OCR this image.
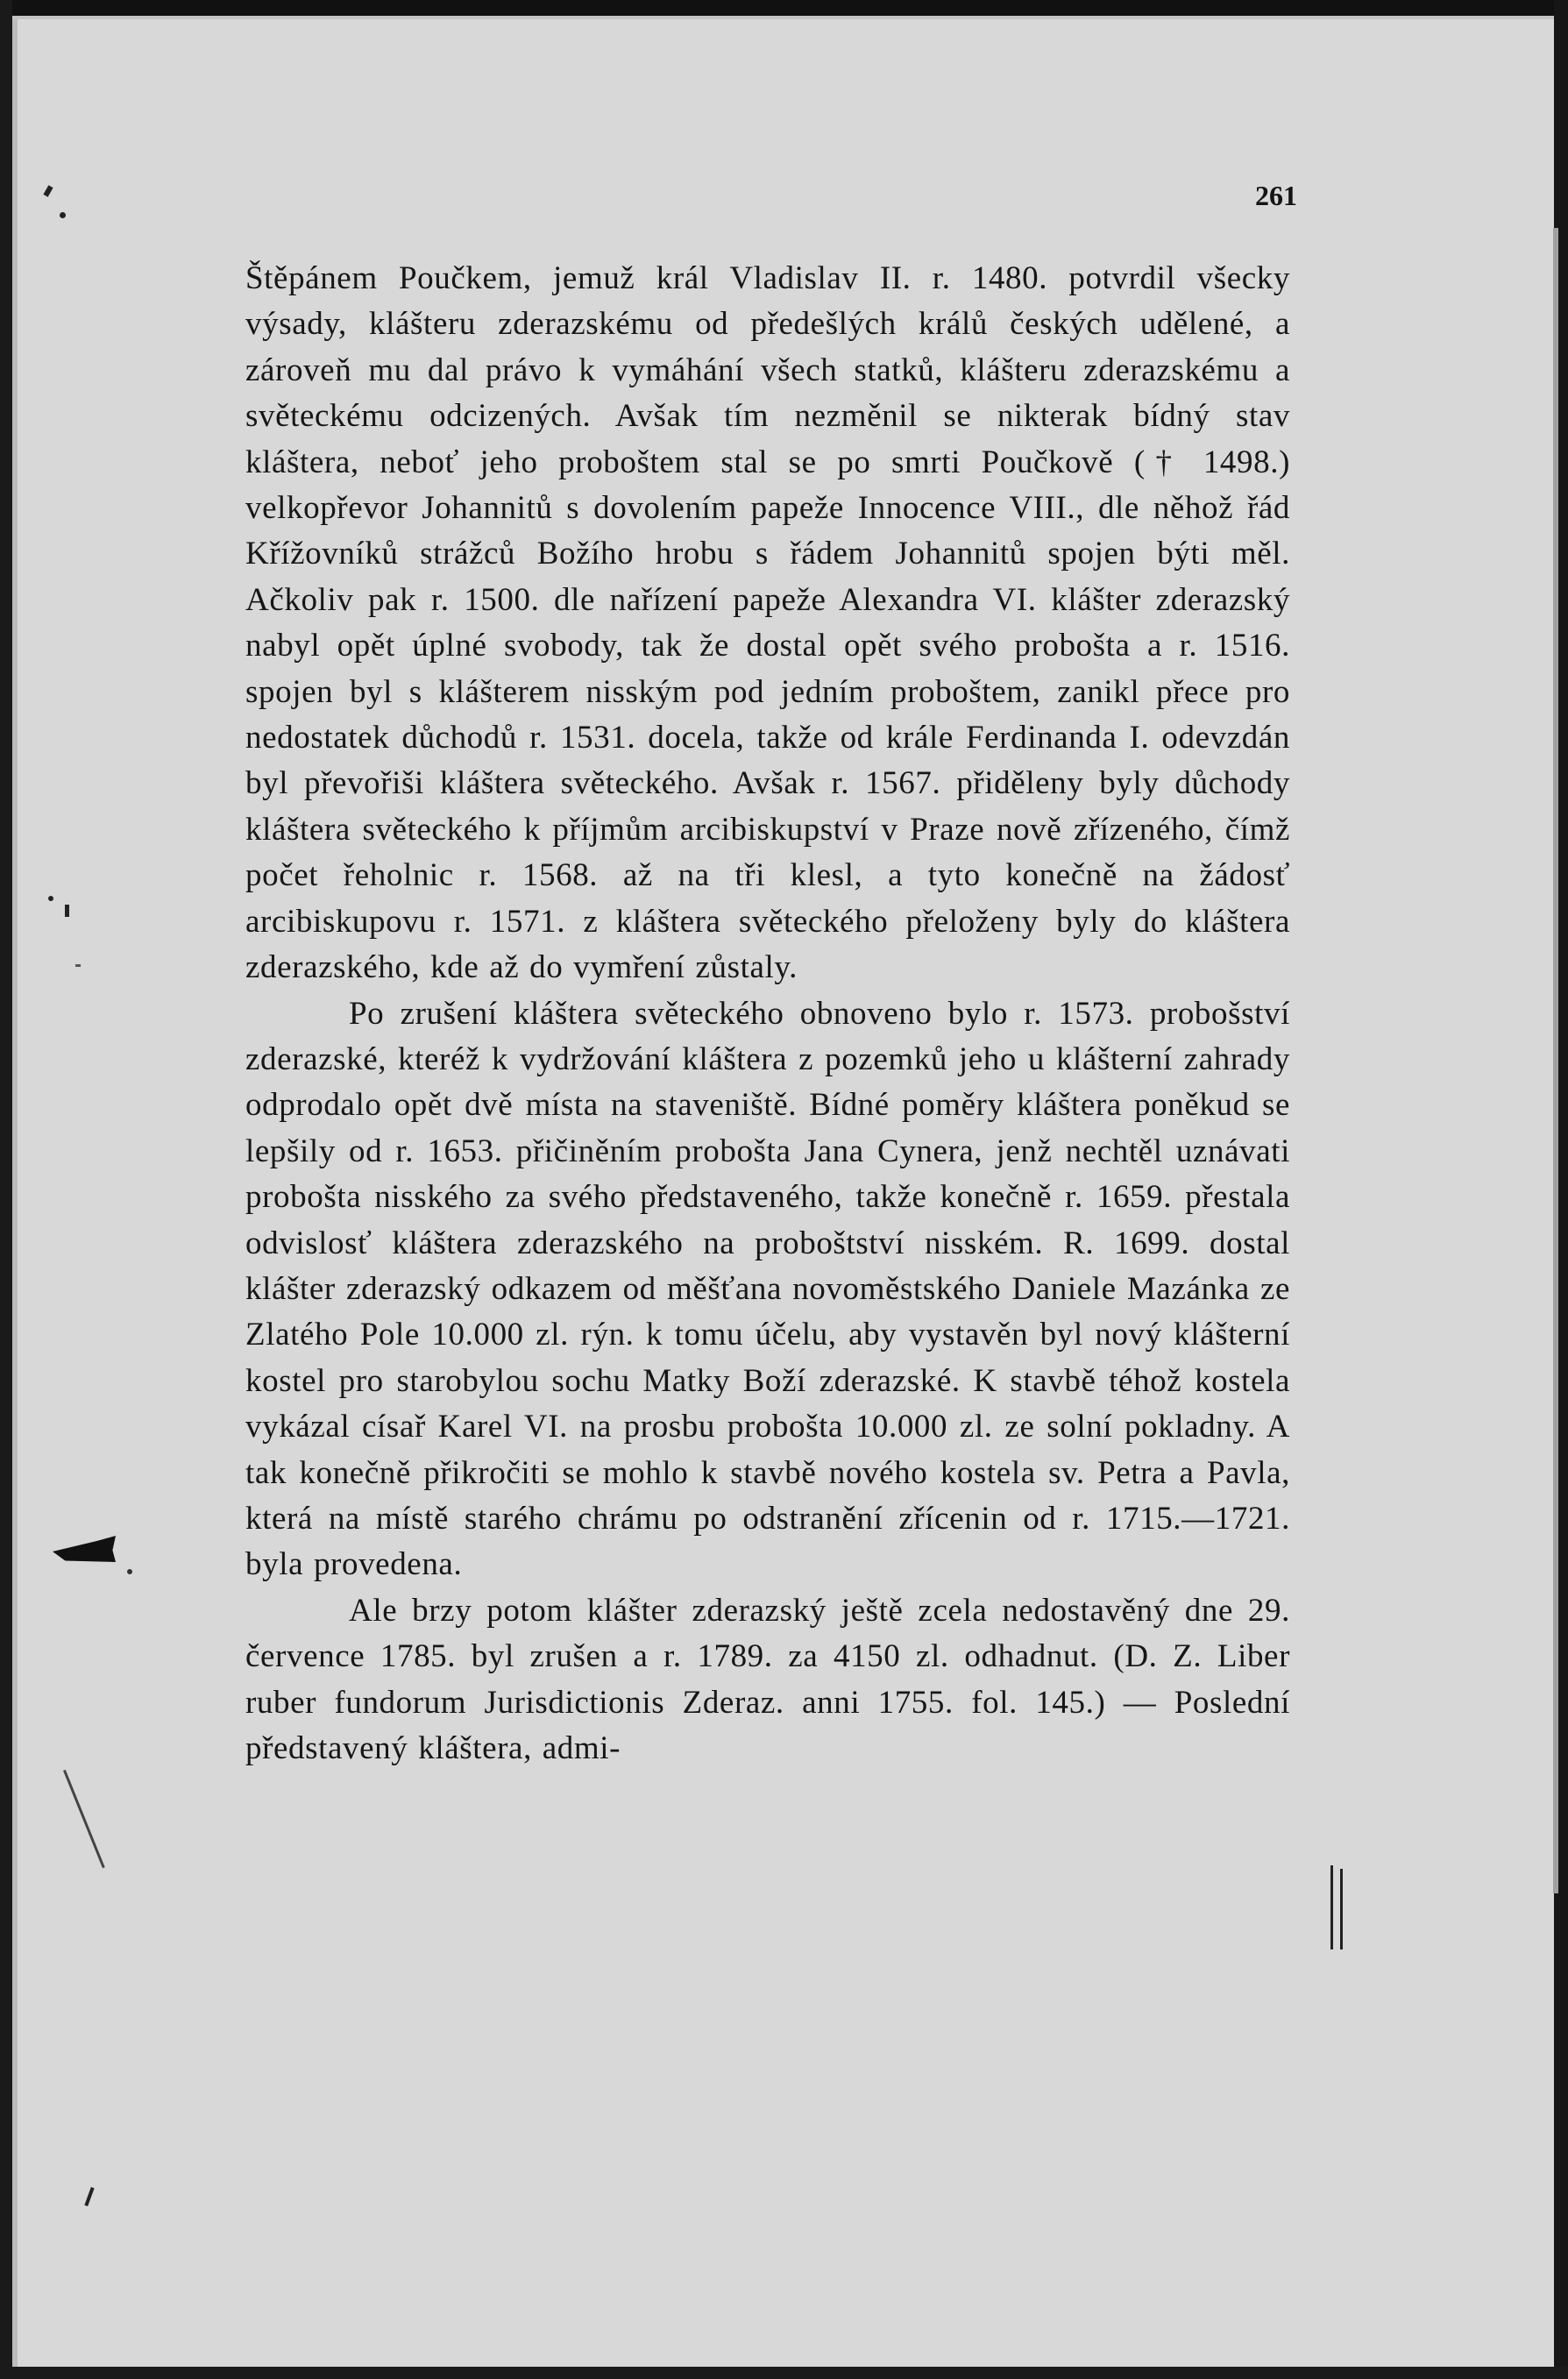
261

Štěpánem Poučkem, jemuž král Vladislav II. r. 1480. potvrdil všecky výsady, klášteru zderazskému od předešlých králů českých udělené, a zároveň mu dal právo k vymáhání všech statků, klášteru zderazskému a světeckému odcizených. Avšak tím nezměnil se nikterak bídný stav kláštera, neboť jeho proboštem stal se po smrti Poučkově († 1498.) velkopřevor Johannitů s dovolením papeže Innocence VIII., dle něhož řád Křížovníků strážců Božího hrobu s řádem Johannitů spojen býti měl. Ačkoliv pak r. 1500. dle nařízení papeže Alexandra VI. klášter zderazský nabyl opět úplné svobody, tak že dostal opět svého probošta a r. 1516. spojen byl s klášterem nisským pod jedním proboštem, zanikl přece pro nedostatek důchodů r. 1531. docela, takže od krále Ferdinanda I. odevzdán byl převořiši kláštera světeckého. Avšak r. 1567. přiděleny byly důchody kláštera světeckého k příjmům arcibiskupství v Praze nově zřízeného, čímž počet řeholnic r. 1568. až na tři klesl, a tyto konečně na žádosť arcibiskupovu r. 1571. z kláštera světeckého přeloženy byly do kláštera zderazského, kde až do vymření zůstaly.

Po zrušení kláštera světeckého obnoveno bylo r. 1573. probošství zderazské, kteréž k vydržování kláštera z pozemků jeho u klášterní zahrady odprodalo opět dvě místa na staveniště. Bídné poměry kláštera poněkud se lepšily od r. 1653. přičiněním probošta Jana Cynera, jenž nechtěl uznávati probošta nisského za svého představeného, takže konečně r. 1659. přestala odvislosť kláštera zderazského na proboštství nisském. R. 1699. dostal klášter zderazský odkazem od měšťana novoměstského Daniele Mazánka ze Zlatého Pole 10.000 zl. rýn. k tomu účelu, aby vystavěn byl nový klášterní kostel pro starobylou sochu Matky Boží zderazské. K stavbě téhož kostela vykázal císař Karel VI. na prosbu probošta 10.000 zl. ze solní pokladny. A tak konečně přikročiti se mohlo k stavbě nového kostela sv. Petra a Pavla, která na místě starého chrámu po odstranění zřícenin od r. 1715.—1721. byla provedena.

Ale brzy potom klášter zderazský ještě zcela nedostavěný dne 29. července 1785. byl zrušen a r. 1789. za 4150 zl. odhadnut. (D. Z. Liber ruber fundorum Jurisdictionis Zderaz. anni 1755. fol. 145.) — Poslední představený kláštera, admi-
